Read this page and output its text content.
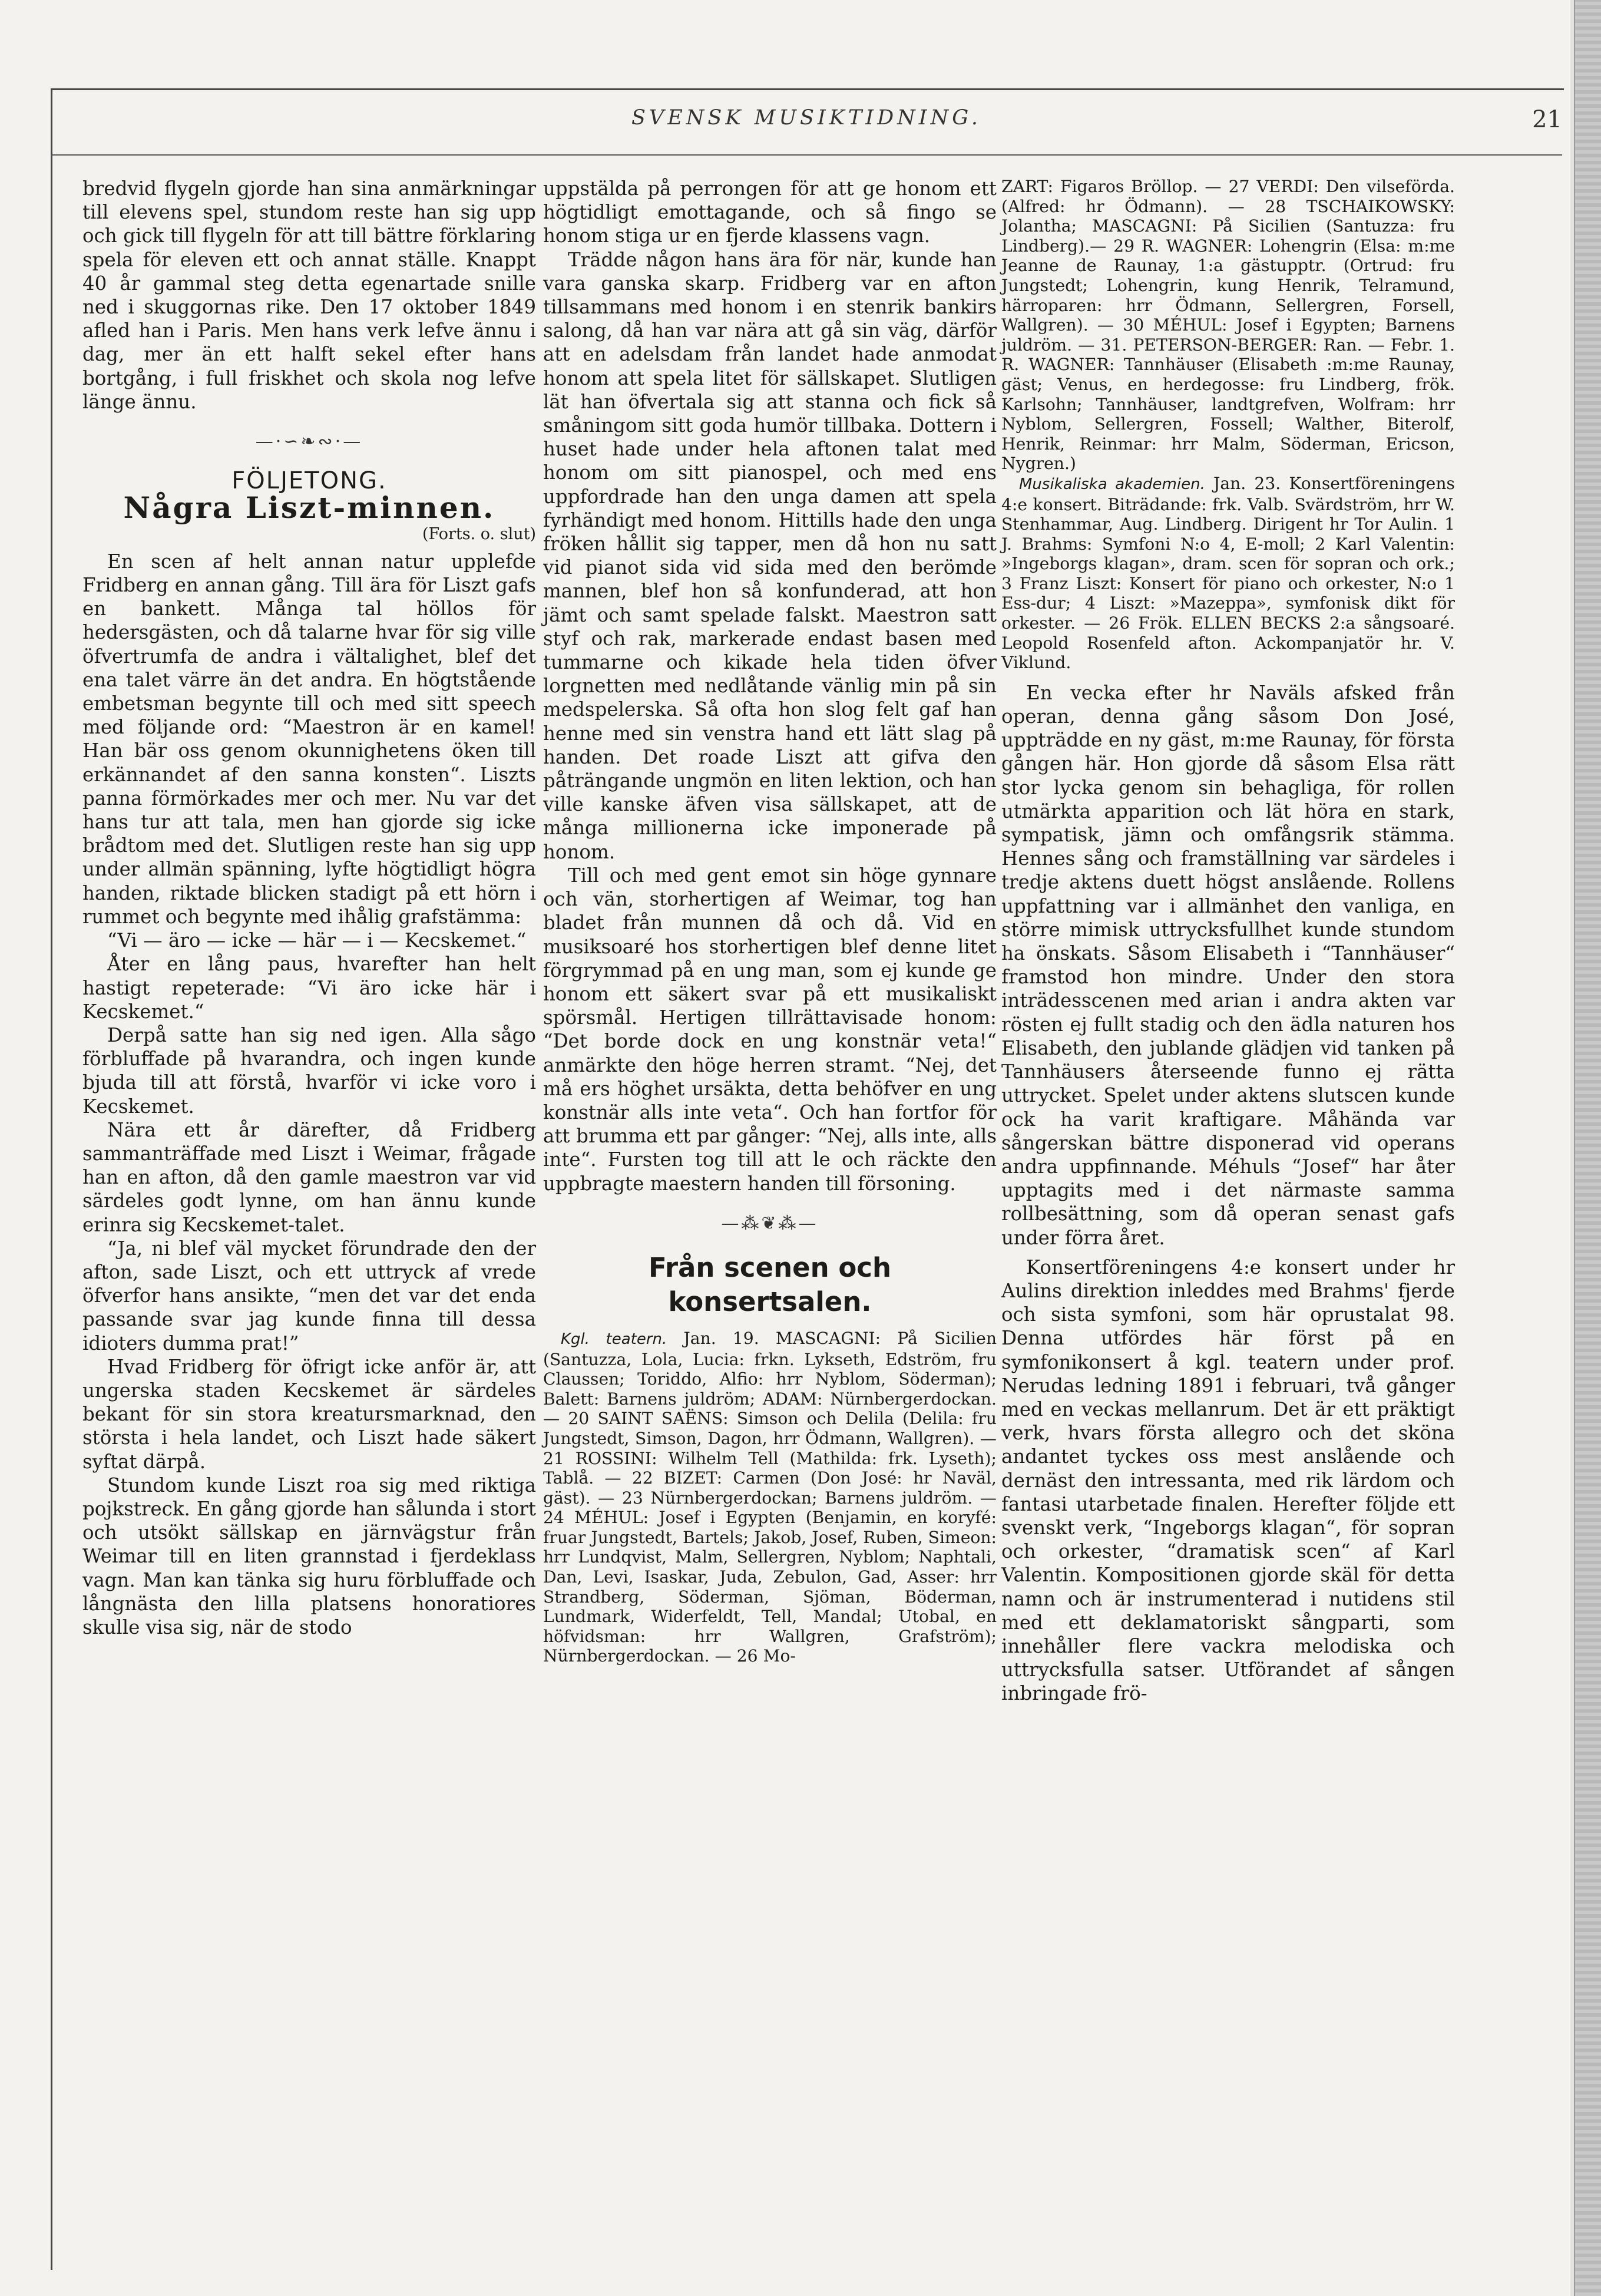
SVENSK MUSIKTIDNING.	21

bredvid flygeln gjorde han sina anmärkningar till elevens spel, stundom reste han sig upp och gick till flygeln för att till bättre förklaring spela för eleven ett och annat ställe. Knappt 40 år gammal steg detta egenartade snille ned i skuggornas rike. Den 17 oktober 1849 afled han i Paris. Men hans verk lefve ännu i dag, mer än ett halft sekel efter hans bortgång, i full friskhet och skola nog lefve länge ännu.

—·∽❧∾·—
FÖLJETONG.
Några Liszt-minnen.
(Forts. o. slut)

En scen af helt annan natur upplefde Fridberg en annan gång. Till ära för Liszt gafs en bankett. Många tal höllos för hedersgästen, och då talarne hvar för sig ville öfvertrumfa de andra i vältalighet, blef det ena talet värre än det andra. En högtstående embetsman begynte till och med sitt speech med följande ord: “Maestron är en kamel! Han bär oss genom okunnighetens öken till erkännandet af den sanna konsten“. Liszts panna förmörkades mer och mer. Nu var det hans tur att tala, men han gjorde sig icke brådtom med det. Slutligen reste han sig upp under allmän spänning, lyfte högtidligt högra handen, riktade blicken stadigt på ett hörn i rummet och begynte med ihålig grafstämma:

“Vi — äro — icke — här — i — Kecskemet.“

Åter en lång paus, hvarefter han helt hastigt repeterade: “Vi äro icke här i Kecskemet.“

Derpå satte han sig ned igen. Alla sågo förbluffade på hvarandra, och ingen kunde bjuda till att förstå, hvarför vi icke voro i Kecskemet.

Nära ett år därefter, då Fridberg sammanträffade med Liszt i Weimar, frågade han en afton, då den gamle maestron var vid särdeles godt lynne, om han ännu kunde erinra sig Kecskemet-talet.

“Ja, ni blef väl mycket förundrade den der afton, sade Liszt, och ett uttryck af vrede öfverfor hans ansikte, “men det var det enda passande svar jag kunde finna till dessa idioters dumma prat!”

Hvad Fridberg för öfrigt icke anför är, att ungerska staden Kecskemet är särdeles bekant för sin stora kreatursmarknad, den största i hela landet, och Liszt hade säkert syftat därpå.

Stundom kunde Liszt roa sig med riktiga pojkstreck. En gång gjorde han sålunda i stort och utsökt sällskap en järnvägstur från Weimar till en liten grannstad i fjerdeklass vagn. Man kan tänka sig huru förbluffade och långnästa den lilla platsens honoratiores skulle visa sig, när de stodo

uppstälda på perrongen för att ge honom ett högtidligt emottagande, och så fingo se honom stiga ur en fjerde klassens vagn.

Trädde någon hans ära för när, kunde han vara ganska skarp. Fridberg var en afton tillsammans med honom i en stenrik bankirs salong, då han var nära att gå sin väg, därför att en adelsdam från landet hade anmodat honom att spela litet för sällskapet. Slutligen lät han öfvertala sig att stanna och fick så småningom sitt goda humör tillbaka. Dottern i huset hade under hela aftonen talat med honom om sitt pianospel, och med ens uppfordrade han den unga damen att spela fyrhändigt med honom. Hittills hade den unga fröken hållit sig tapper, men då hon nu satt vid pianot sida vid sida med den berömde mannen, blef hon så konfunderad, att hon jämt och samt spelade falskt. Maestron satt styf och rak, markerade endast basen med tummarne och kikade hela tiden öfver lorgnetten med nedlåtande vänlig min på sin medspelerska. Så ofta hon slog felt gaf han henne med sin venstra hand ett lätt slag på handen. Det roade Liszt att gifva den påträngande ungmön en liten lektion, och han ville kanske äfven visa sällskapet, att de många millionerna icke imponerade på honom.

Till och med gent emot sin höge gynnare och vän, storhertigen af Weimar, tog han bladet från munnen då och då. Vid en musiksoaré hos storhertigen blef denne litet förgrymmad på en ung man, som ej kunde ge honom ett säkert svar på ett musikaliskt spörsmål. Hertigen tillrättavisade honom: “Det borde dock en ung konstnär veta!“ anmärkte den höge herren stramt. “Nej, det må ers höghet ursäkta, detta behöfver en ung konstnär alls inte veta“. Och han fortfor för att brumma ett par gånger: “Nej, alls inte, alls inte“. Fursten tog till att le och räckte den uppbragte maestern handen till försoning.

—⁂❦⁂—
Från scenen och konsertsalen.

Kgl. teatern. Jan. 19. MASCAGNI: På Sicilien (Santuzza, Lola, Lucia: frkn. Lykseth, Edström, fru Claussen; Toriddo, Alfio: hrr Nyblom, Söderman); Balett: Barnens juldröm; ADAM: Nürnbergerdockan. — 20 SAINT SAËNS: Simson och Delila (Delila: fru Jungstedt, Simson, Dagon, hrr Ödmann, Wallgren). — 21 ROSSINI: Wilhelm Tell (Mathilda: frk. Lyseth); Tablå. — 22 BIZET: Carmen (Don José: hr Naväl, gäst). — 23 Nürnbergerdockan; Barnens juldröm. — 24 MÉHUL: Josef i Egypten (Benjamin, en koryfé: fruar Jungstedt, Bartels; Jakob, Josef, Ruben, Simeon: hrr Lundqvist, Malm, Sellergren, Nyblom; Naphtali, Dan, Levi, Isaskar, Juda, Zebulon, Gad, Asser: hrr Strandberg, Söderman, Sjöman, Böderman, Lundmark, Widerfeldt, Tell, Mandal; Utobal, en höfvidsman: hrr Wallgren, Grafström); Nürnbergerdockan. — 26 Mo-

ZART: Figaros Bröllop. — 27 VERDI: Den vilseförda. (Alfred: hr Ödmann). — 28 TSCHAIKOWSKY: Jolantha; MASCAGNI: På Sicilien (Santuzza: fru Lindberg).— 29 R. WAGNER: Lohengrin (Elsa: m:me Jeanne de Raunay, 1:a gästupptr. (Ortrud: fru Jungstedt; Lohengrin, kung Henrik, Telramund, härroparen: hrr Ödmann, Sellergren, Forsell, Wallgren). — 30 MÉHUL: Josef i Egypten; Barnens juldröm. — 31. PETERSON-BERGER: Ran. — Febr. 1. R. WAGNER: Tannhäuser (Elisabeth :m:me Raunay, gäst; Venus, en herdegosse: fru Lindberg, frök. Karlsohn; Tannhäuser, landtgrefven, Wolfram: hrr Nyblom, Sellergren, Fossell; Walther, Biterolf, Henrik, Reinmar: hrr Malm, Söderman, Ericson, Nygren.)

Musikaliska akademien. Jan. 23. Konsertföreningens 4:e konsert. Biträdande: frk. Valb. Svärdström, hrr W. Stenhammar, Aug. Lindberg. Dirigent hr Tor Aulin. 1 J. Brahms: Symfoni N:o 4, E-moll; 2 Karl Valentin: »Ingeborgs klagan», dram. scen för sopran och ork.; 3 Franz Liszt: Konsert för piano och orkester, N:o 1 Ess-dur; 4 Liszt: »Mazeppa», symfonisk dikt för orkester. — 26 Frök. ELLEN BECKS 2:a sångsoaré. Leopold Rosenfeld afton. Ackompanjatör hr. V. Viklund.

En vecka efter hr Naväls afsked från operan, denna gång såsom Don José, uppträdde en ny gäst, m:me Raunay, för första gången här. Hon gjorde då såsom Elsa rätt stor lycka genom sin behagliga, för rollen utmärkta apparition och lät höra en stark, sympatisk, jämn och omfångsrik stämma. Hennes sång och framställning var särdeles i tredje aktens duett högst anslående. Rollens uppfattning var i allmänhet den vanliga, en större mimisk uttrycksfullhet kunde stundom ha önskats. Såsom Elisabeth i “Tannhäuser“ framstod hon mindre. Under den stora inträdesscenen med arian i andra akten var rösten ej fullt stadig och den ädla naturen hos Elisabeth, den jublande glädjen vid tanken på Tannhäusers återseende funno ej rätta uttrycket. Spelet under aktens slutscen kunde ock ha varit kraftigare. Måhända var sångerskan bättre disponerad vid operans andra uppfinnande. Méhuls “Josef“ har åter upptagits med i det närmaste samma rollbesättning, som då operan senast gafs under förra året.

Konsertföreningens 4:e konsert under hr Aulins direktion inleddes med Brahms' fjerde och sista symfoni, som här oprustalat 98. Denna utfördes här först på en symfonikonsert å kgl. teatern under prof. Nerudas ledning 1891 i februari, två gånger med en veckas mellanrum. Det är ett präktigt verk, hvars första allegro och det sköna andantet tyckes oss mest anslående och dernäst den intressanta, med rik lärdom och fantasi utarbetade finalen. Herefter följde ett svenskt verk, “Ingeborgs klagan“, för sopran och orkester, “dramatisk scen“ af Karl Valentin. Kompositionen gjorde skäl för detta namn och är instrumenterad i nutidens stil med ett deklamatoriskt sångparti, som innehåller flere vackra melodiska och uttrycksfulla satser. Utförandet af sången inbringade frö-
